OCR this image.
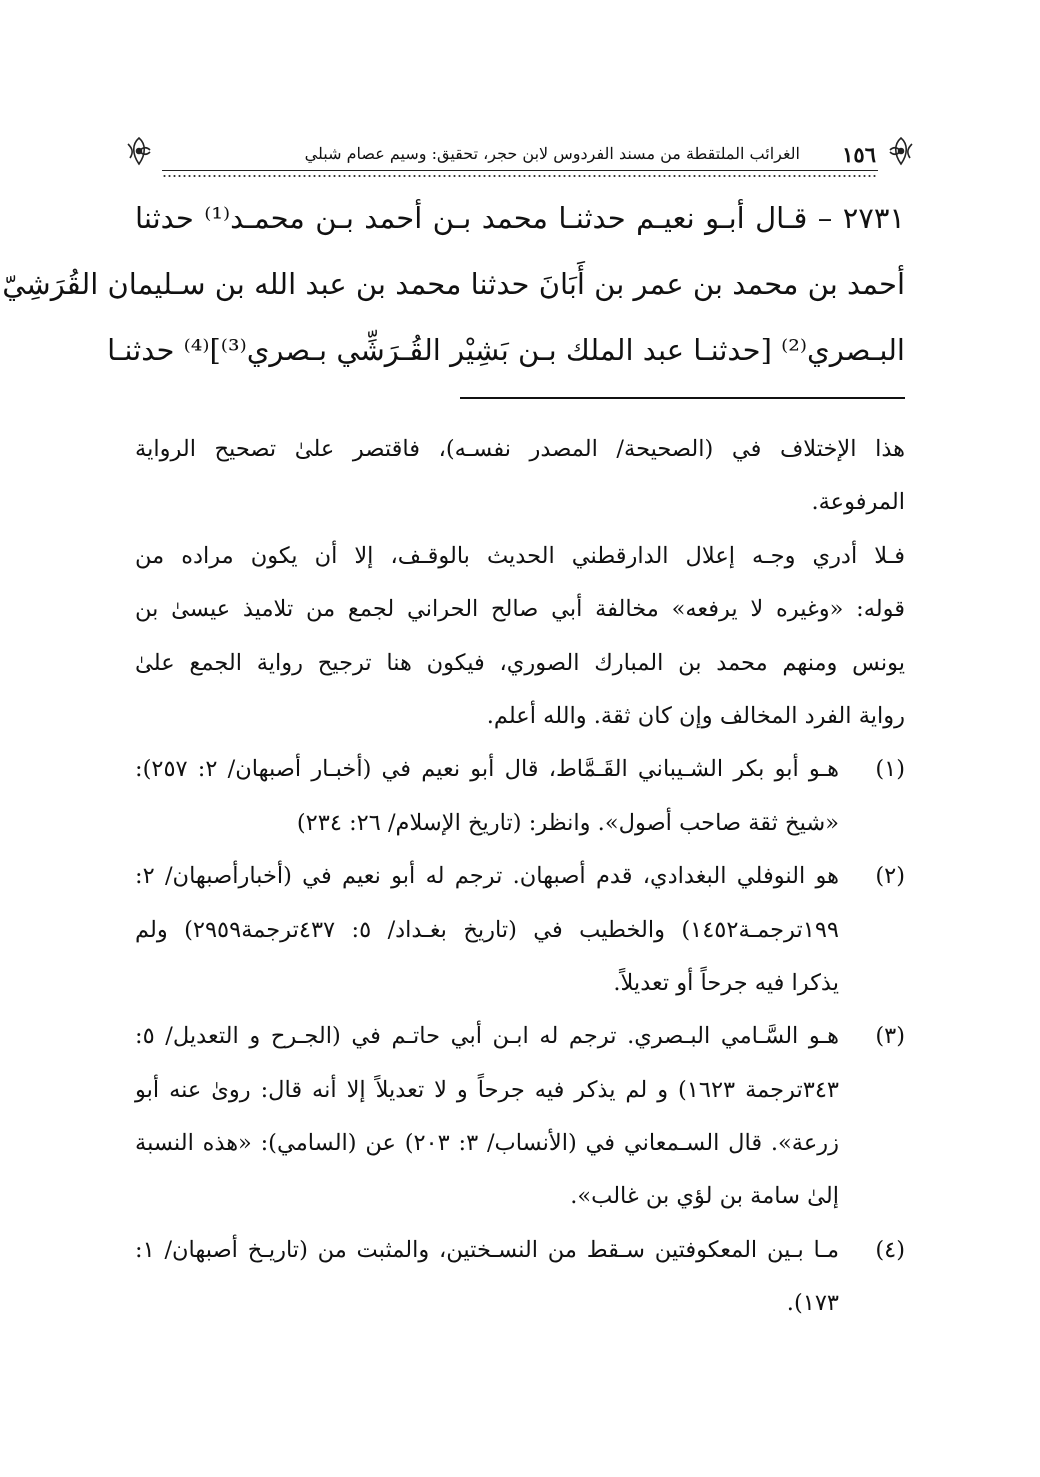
١٥٦
الغرائب الملتقطة من مسند الفردوس لابن حجر، تحقيق: وسيم عصام شبلي
٢٧٣١ – قـال أبـو نعيـم حدثنـا محمد بـن أحمد بـن محمـد⁽¹⁾ حدثنا
أحمد بن محمد بن عمر بن أَبَانَ حدثنا محمد بن عبد الله بن سـليمان القُرَشِيّ
البـصري⁽²⁾ [حدثنـا عبد الملك بـن بَشِيْر القُـرَشِّي بـصري⁽³⁾]⁽⁴⁾ حدثنـا
هذا الإختلاف في (الصحيحة/ المصدر نفسـه)، فاقتصر علىٰ تصحيح الرواية
المرفوعة.
فـلا أدري وجـه إعلال الدارقطني الحديث بالوقـف، إلا أن يكون مراده من
قوله: «وغيره لا يرفعه» مخالفة أبي صالح الحراني لجمع من تلاميذ عيسىٰ بن
يونس ومنهم محمد بن المبارك الصوري، فيكون هنا ترجيح رواية الجمع علىٰ
رواية الفرد المخالف وإن كان ثقة. والله أعلم.
(١)
هـو أبو بكر الشـيباني القَـمَّاط، قال أبو نعيم في (أخبـار أصبهان/ ٢: ٢٥٧):
«شيخ ثقة صاحب أصول». وانظر: (تاريخ الإسلام/ ٢٦: ٢٣٤)
(٢)
هو النوفلي البغدادي، قدم أصبهان. ترجم له أبو نعيم في (أخبارأصبهان/ ٢:
١٩٩ترجمـة١٤٥٢) والخطيب في (تاريخ بغـداد/ ٥: ٤٣٧ترجمة٢٩٥٩) ولم
يذكرا فيه جرحاً أو تعديلاً.
(٣)
هـو السَّـامي البـصري. ترجم له ابـن أبي حاتـم في (الجـرح و التعديل/ ٥:
٣٤٣ترجمة ١٦٢٣) و لم يذكر فيه جرحاً و لا تعديلاً إلا أنه قال: روىٰ عنه أبو
زرعة». قال السـمعاني في (الأنساب/ ٣: ٢٠٣) عن (السامي): «هذه النسبة
إلىٰ سامة بن لؤي بن غالب».
(٤)
مـا بـين المعكوفتين سـقط من النسـختين، والمثبت من (تاريـخ أصبهان/ ١:
١٧٣).
